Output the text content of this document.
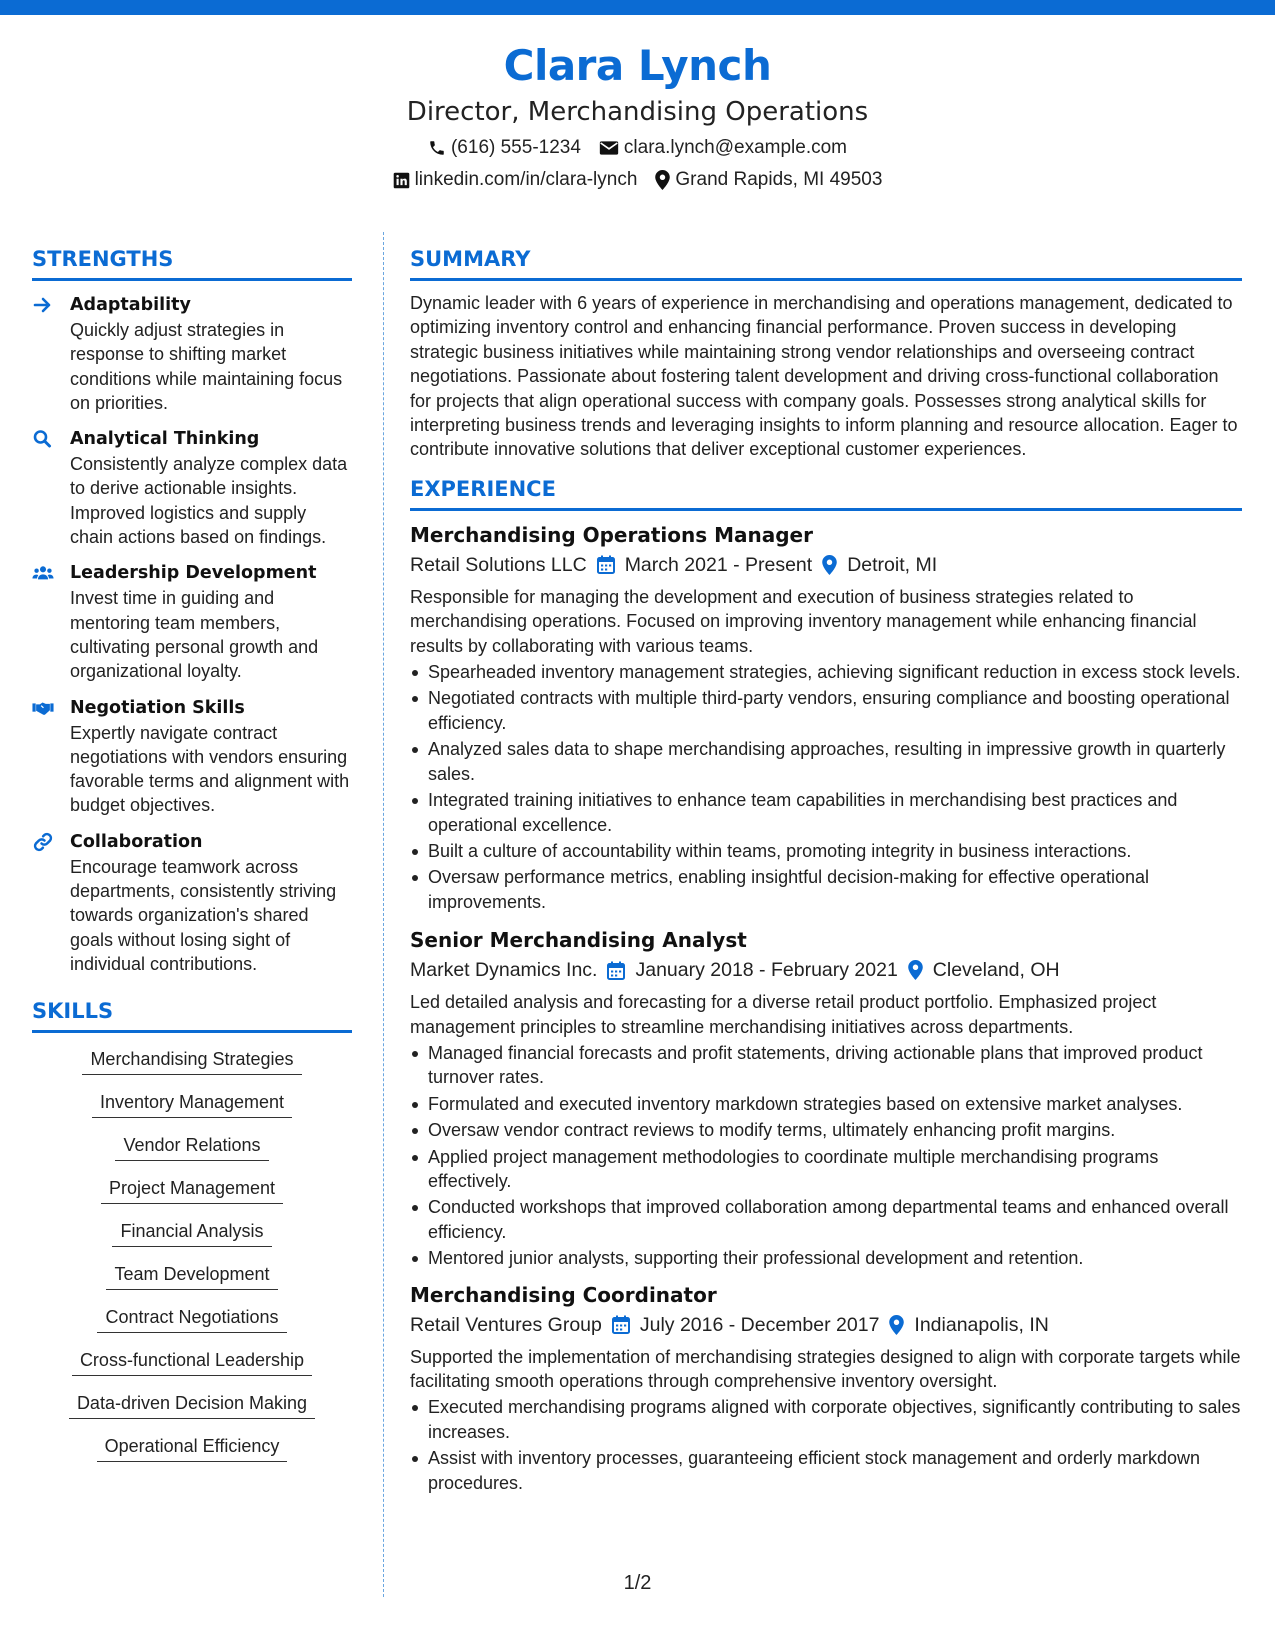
Clara Lynch
Director, Merchandising Operations
(616) 555-1234 clara.lynch@example.com
linkedin.com/in/clara-lynch Grand Rapids, MI 49503
STRENGTHS
Adaptability
Quickly adjust strategies in response to shifting market conditions while maintaining focus on priorities.
Analytical Thinking
Consistently analyze complex data to derive actionable insights. Improved logistics and supply chain actions based on findings.
Leadership Development
Invest time in guiding and mentoring team members, cultivating personal growth and organizational loyalty.
Negotiation Skills
Expertly navigate contract negotiations with vendors ensuring favorable terms and alignment with budget objectives.
Collaboration
Encourage teamwork across departments, consistently striving towards organization's shared goals without losing sight of individual contributions.
SKILLS
Merchandising Strategies
Inventory Management
Vendor Relations
Project Management
Financial Analysis
Team Development
Contract Negotiations
Cross-functional Leadership
Data-driven Decision Making
Operational Efficiency
SUMMARY
Dynamic leader with 6 years of experience in merchandising and operations management, dedicated to optimizing inventory control and enhancing financial performance. Proven success in developing strategic business initiatives while maintaining strong vendor relationships and overseeing contract negotiations. Passionate about fostering talent development and driving cross-functional collaboration for projects that align operational success with company goals. Possesses strong analytical skills for interpreting business trends and leveraging insights to inform planning and resource allocation. Eager to contribute innovative solutions that deliver exceptional customer experiences.
EXPERIENCE
Merchandising Operations Manager
Retail Solutions LLC March 2021 - Present Detroit, MI
Responsible for managing the development and execution of business strategies related to merchandising operations. Focused on improving inventory management while enhancing financial results by collaborating with various teams.
Spearheaded inventory management strategies, achieving significant reduction in excess stock levels.
Negotiated contracts with multiple third-party vendors, ensuring compliance and boosting operational efficiency.
Analyzed sales data to shape merchandising approaches, resulting in impressive growth in quarterly sales.
Integrated training initiatives to enhance team capabilities in merchandising best practices and operational excellence.
Built a culture of accountability within teams, promoting integrity in business interactions.
Oversaw performance metrics, enabling insightful decision-making for effective operational improvements.
Senior Merchandising Analyst
Market Dynamics Inc. January 2018 - February 2021 Cleveland, OH
Led detailed analysis and forecasting for a diverse retail product portfolio. Emphasized project management principles to streamline merchandising initiatives across departments.
Managed financial forecasts and profit statements, driving actionable plans that improved product turnover rates.
Formulated and executed inventory markdown strategies based on extensive market analyses.
Oversaw vendor contract reviews to modify terms, ultimately enhancing profit margins.
Applied project management methodologies to coordinate multiple merchandising programs effectively.
Conducted workshops that improved collaboration among departmental teams and enhanced overall efficiency.
Mentored junior analysts, supporting their professional development and retention.
Merchandising Coordinator
Retail Ventures Group July 2016 - December 2017 Indianapolis, IN
Supported the implementation of merchandising strategies designed to align with corporate targets while facilitating smooth operations through comprehensive inventory oversight.
Executed merchandising programs aligned with corporate objectives, significantly contributing to sales increases.
Assist with inventory processes, guaranteeing efficient stock management and orderly markdown procedures.
1/2
